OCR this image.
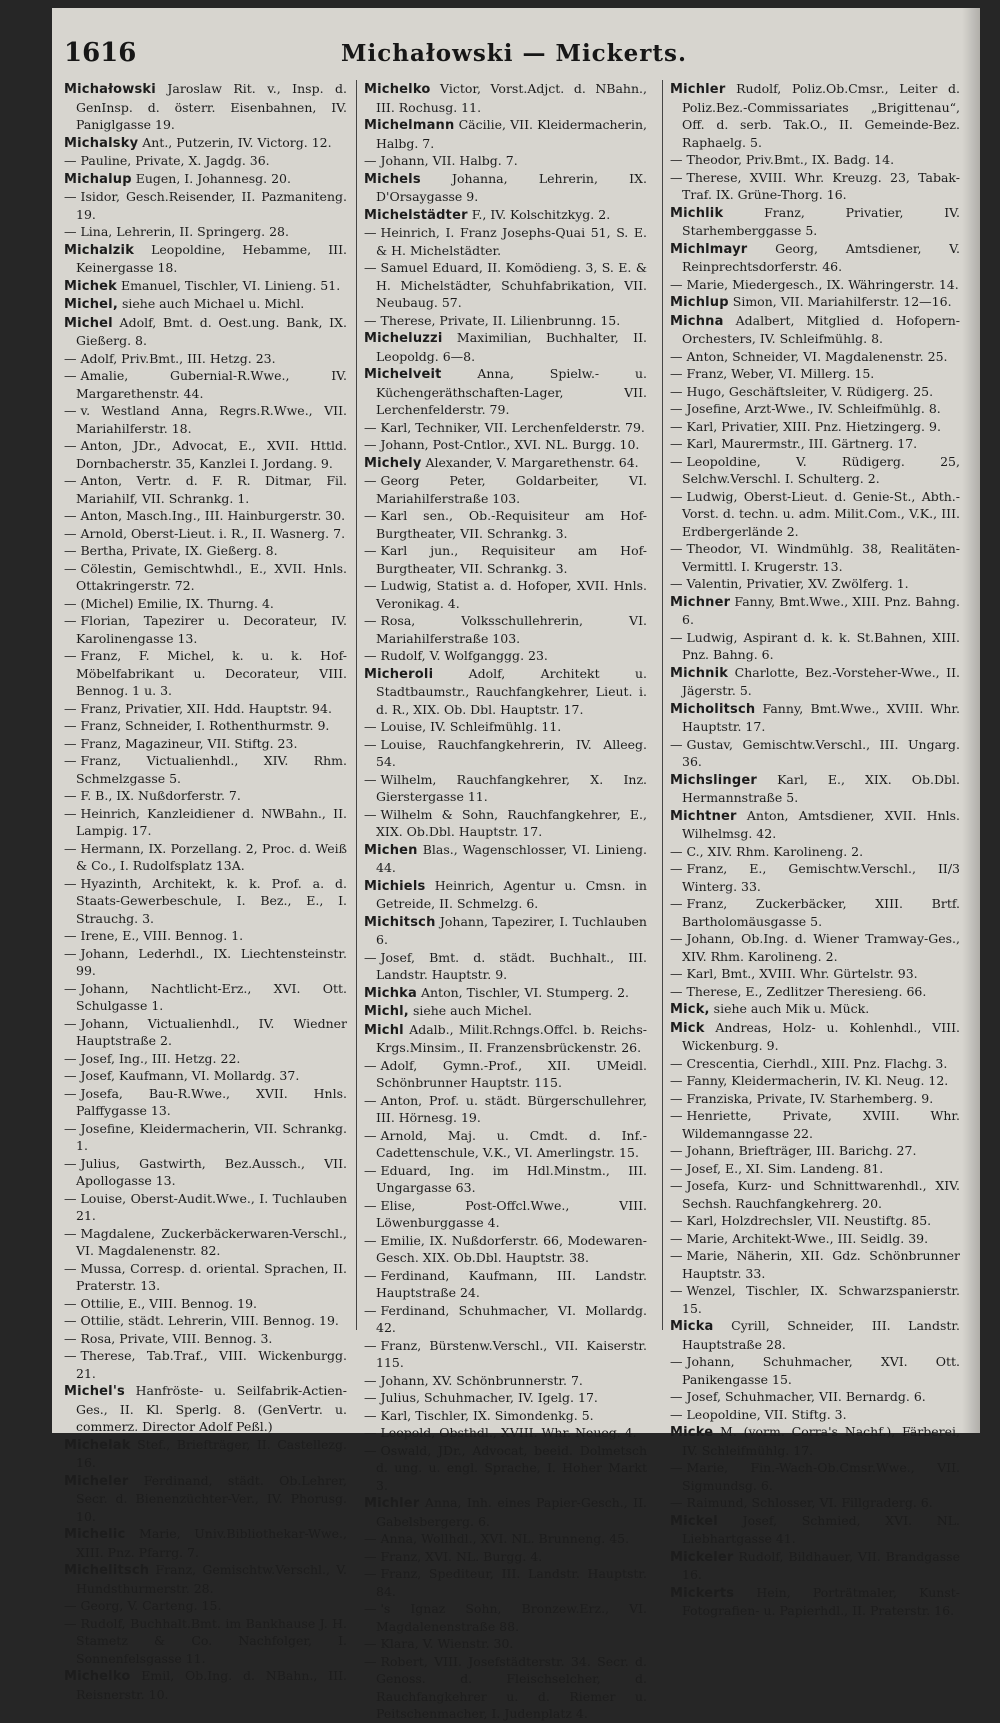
1616	Michałowski — Mickerts.

Michałowski Jaroslaw Rit. v., Insp. d. GenInsp. d. österr. Eisenbahnen, IV. Paniglgasse 19.

Michalsky Ant., Putzerin, IV. Victorg. 12.

— Pauline, Private, X. Jagdg. 36.

Michalup Eugen, I. Johannesg. 20.

— Isidor, Gesch.Reisender, II. Pazmaniteng. 19.

— Lina, Lehrerin, II. Springerg. 28.

Michalzik Leopoldine, Hebamme, III. Keinergasse 18.

Michek Emanuel, Tischler, VI. Linieng. 51.

Michel, siehe auch Michael u. Michl.

Michel Adolf, Bmt. d. Oest.ung. Bank, IX. Gießerg. 8.

— Adolf, Priv.Bmt., III. Hetzg. 23.

— Amalie, Gubernial-R.Wwe., IV. Margarethenstr. 44.

— v. Westland Anna, Regrs.R.Wwe., VII. Mariahilferstr. 18.

— Anton, JDr., Advocat, E., XVII. Httld. Dornbacherstr. 35, Kanzlei I. Jordang. 9.

— Anton, Vertr. d. F. R. Ditmar, Fil. Mariahilf, VII. Schrankg. 1.

— Anton, Masch.Ing., III. Hainburgerstr. 30.

— Arnold, Oberst-Lieut. i. R., II. Wasnerg. 7.

— Bertha, Private, IX. Gießerg. 8.

— Cölestin, Gemischtwhdl., E., XVII. Hnls. Ottakringerstr. 72.

— (Michel) Emilie, IX. Thurng. 4.

— Florian, Tapezirer u. Decorateur, IV. Karolinengasse 13.

— Franz, F. Michel, k. u. k. Hof-Möbelfabrikant u. Decorateur, VIII. Bennog. 1 u. 3.

— Franz, Privatier, XII. Hdd. Hauptstr. 94.

— Franz, Schneider, I. Rothenthurmstr. 9.

— Franz, Magazineur, VII. Stiftg. 23.

— Franz, Victualienhdl., XIV. Rhm. Schmelzgasse 5.

— F. B., IX. Nußdorferstr. 7.

— Heinrich, Kanzleidiener d. NWBahn., II. Lampig. 17.

— Hermann, IX. Porzellang. 2, Proc. d. Weiß & Co., I. Rudolfsplatz 13A.

— Hyazinth, Architekt, k. k. Prof. a. d. Staats-Gewerbeschule, I. Bez., E., I. Strauchg. 3.

— Irene, E., VIII. Bennog. 1.

— Johann, Lederhdl., IX. Liechtensteinstr. 99.

— Johann, Nachtlicht-Erz., XVI. Ott. Schulgasse 1.

— Johann, Victualienhdl., IV. Wiedner Hauptstraße 2.

— Josef, Ing., III. Hetzg. 22.

— Josef, Kaufmann, VI. Mollardg. 37.

— Josefa, Bau-R.Wwe., XVII. Hnls. Palffygasse 13.

— Josefine, Kleidermacherin, VII. Schrankg. 1.

— Julius, Gastwirth, Bez.Aussch., VII. Apollogasse 13.

— Louise, Oberst-Audit.Wwe., I. Tuchlauben 21.

— Magdalene, Zuckerbäckerwaren-Verschl., VI. Magdalenenstr. 82.

— Mussa, Corresp. d. oriental. Sprachen, II. Praterstr. 13.

— Ottilie, E., VIII. Bennog. 19.

— Ottilie, städt. Lehrerin, VIII. Bennog. 19.

— Rosa, Private, VIII. Bennog. 3.

— Therese, Tab.Traf., VIII. Wickenburgg. 21.

Michel's Hanfröste- u. Seilfabrik-Actien-Ges., II. Kl. Sperlg. 8. (GenVertr. u. commerz. Director Adolf Peßl.)

Michelak Stef., Briefträger, II. Castellezg. 16.

Micheler Ferdinand, städt. Ob.Lehrer, Secr. d. Bienenzüchter-Ver., IV. Phorusg. 10.

Michelic Marie, Univ.Bibliothekar-Wwe., XIII. Pnz. Pfarrg. 7.

Michelitsch Franz, Gemischtw.Verschl., V. Hundsthurmerstr. 28.

— Georg, V. Carteng. 15.

— Rudolf, Buchhalt.Bmt. im Bankhause J. H. Stametz & Co. Nachfolger, I. Sonnenfelsgasse 11.

Michelko Emil, Ob.Ing. d. NBahn., III. Reisnerstr. 10.

Michelko Victor, Vorst.Adjct. d. NBahn., III. Rochusg. 11.

Michelmann Cäcilie, VII. Kleidermacherin, Halbg. 7.

— Johann, VII. Halbg. 7.

Michels	Johanna, Lehrerin, IX. D'Orsaygasse 9.

Michelstädter F., IV. Kolschitzkyg. 2.

— Heinrich, I. Franz Josephs-Quai 51, S. E. & H. Michelstädter.

— Samuel Eduard, II. Komödieng. 3, S. E. & H. Michelstädter, Schuhfabrikation, VII. Neubaug. 57.

— Therese, Private, II. Lilienbrunng. 15.

Micheluzzi Maximilian, Buchhalter, II. Leopoldg. 6—8.

Michelveit	Anna, Spielw.- u. Küchengeräthschaften-Lager, VII. Lerchenfelderstr. 79.

— Karl, Techniker, VII. Lerchenfelderstr. 79.

— Johann, Post-Cntlor., XVI. NL. Burgg. 10.

Michely Alexander, V. Margarethenstr. 64.

— Georg Peter, Goldarbeiter, VI. Mariahilferstraße 103.

— Karl sen., Ob.-Requisiteur am Hof-Burgtheater, VII. Schrankg. 3.

— Karl jun., Requisiteur am Hof-Burgtheater, VII. Schrankg. 3.

— Ludwig, Statist a. d. Hofoper, XVII. Hnls. Veronikag. 4.

— Rosa, Volksschullehrerin, VI. Mariahilferstraße 103.

— Rudolf, V. Wolfganggg. 23.

Micheroli	Adolf, Architekt u. Stadtbaumstr., Rauchfangkehrer, Lieut. i. d. R., XIX. Ob. Dbl. Hauptstr. 17.

— Louise, IV. Schleifmühlg. 11.

— Louise, Rauchfangkehrerin, IV. Alleeg. 54.

— Wilhelm, Rauchfangkehrer, X. Inz. Gierstergasse 11.

— Wilhelm & Sohn, Rauchfangkehrer, E., XIX. Ob.Dbl. Hauptstr. 17.

Michen Blas., Wagenschlosser, VI. Linieng. 44.

Michiels Heinrich, Agentur u. Cmsn. in Getreide, II. Schmelzg. 6.

Michitsch Johann, Tapezirer, I. Tuchlauben 6.

— Josef, Bmt. d. städt. Buchhalt., III. Landstr. Hauptstr. 9.

Michka Anton, Tischler, VI. Stumperg. 2.

Michl, siehe auch Michel.

Michl Adalb., Milit.Rchngs.Offcl. b. Reichs-Krgs.Minsim., II. Franzensbrückenstr. 26.

— Adolf, Gymn.-Prof., XII. UMeidl. Schönbrunner Hauptstr. 115.

— Anton, Prof. u. städt. Bürgerschullehrer, III. Hörnesg. 19.

— Arnold, Maj. u. Cmdt. d. Inf.-Cadettenschule, V.K., VI. Amerlingstr. 15.

— Eduard, Ing. im Hdl.Minstm., III. Ungargasse 63.

— Elise, Post-Offcl.Wwe., VIII. Löwenburggasse 4.

— Emilie, IX. Nußdorferstr. 66, Modewaren-Gesch. XIX. Ob.Dbl. Hauptstr. 38.

— Ferdinand, Kaufmann, III. Landstr. Hauptstraße 24.

— Ferdinand, Schuhmacher, VI. Mollardg. 42.

— Franz, Bürstenw.Verschl., VII. Kaiserstr. 115.

— Johann, XV. Schönbrunnerstr. 7.

— Julius, Schuhmacher, IV. Igelg. 17.

— Karl, Tischler, IX. Simondenkg. 5.

— Leopold, Obsthdl., XVIII. Whr. Neueg. 4.

— Oswald, JDr., Advocat, beeid. Dolmetsch d. ung. u. engl. Sprache, I. Hoher Markt 3.

Michler Anna, Inh. eines Papier-Gesch., II. Gabelsbergerg. 6.

— Anna, Wollhdl., XVI. NL. Brunneng. 45.

— Franz, XVI. NL. Burgg. 4.

— Franz, Spediteur, III. Landstr. Hauptstr. 84.

— 's Ignaz Sohn, Bronzew.Erz., VI. Magdalenenstraße 88.

— Klara, V. Wienstr. 30.

— Robert, VIII. Josefstädterstr. 34. Secr. d. Genoss. d. Fleischselcher, d. Rauchfangkehrer u. d. Riemer u. Peitschenmacher, I. Judenplatz 4.

Michler Rudolf, Poliz.Ob.Cmsr., Leiter d. Poliz.Bez.-Commissariates „Brigittenau“, Off. d. serb. Tak.O., II. Gemeinde-Bez. Raphaelg. 5.

— Theodor, Priv.Bmt., IX. Badg. 14.

— Therese, XVIII. Whr. Kreuzg. 23, Tabak-Traf. IX. Grüne-Thorg. 16.

Michlik	Franz, Privatier, IV. Starhemberggasse 5.

Michlmayr Georg, Amtsdiener, V. Reinprechtsdorferstr. 46.

— Marie, Miedergesch., IX. Währingerstr. 14.

Michlup Simon, VII. Mariahilferstr. 12—16.

Michna Adalbert, Mitglied d. Hofopern-Orchesters, IV. Schleifmühlg. 8.

— Anton, Schneider, VI. Magdalenenstr. 25.

— Franz, Weber, VI. Millerg. 15.

— Hugo, Geschäftsleiter, V. Rüdigerg. 25.

— Josefine, Arzt-Wwe., IV. Schleifmühlg. 8.

— Karl, Privatier, XIII. Pnz. Hietzingerg. 9.

— Karl, Maurermstr., III. Gärtnerg. 17.

— Leopoldine, V. Rüdigerg. 25, Selchw.Verschl. I. Schulterg. 2.

— Ludwig, Oberst-Lieut. d. Genie-St., Abth.-Vorst. d. techn. u. adm. Milit.Com., V.K., III. Erdbergerlände 2.

— Theodor, VI. Windmühlg. 38, Realitäten-Vermittl. I. Krugerstr. 13.

— Valentin, Privatier, XV. Zwölferg. 1.

Michner Fanny, Bmt.Wwe., XIII. Pnz. Bahng. 6.

— Ludwig, Aspirant d. k. k. St.Bahnen, XIII. Pnz. Bahng. 6.

Michnik Charlotte, Bez.-Vorsteher-Wwe., II. Jägerstr. 5.

Micholitsch Fanny, Bmt.Wwe., XVIII. Whr. Hauptstr. 17.

— Gustav, Gemischtw.Verschl., III. Ungarg. 36.

Michslinger Karl, E., XIX. Ob.Dbl. Hermannstraße 5.

Michtner Anton, Amtsdiener, XVII. Hnls. Wilhelmsg. 42.

— C., XIV. Rhm. Karolineng. 2.

— Franz, E., Gemischtw.Verschl., II/3 Winterg. 33.

— Franz, Zuckerbäcker, XIII. Brtf. Bartholomäusgasse 5.

— Johann, Ob.Ing. d. Wiener Tramway-Ges., XIV. Rhm. Karolineng. 2.

— Karl, Bmt., XVIII. Whr. Gürtelstr. 93.

— Therese, E., Zedlitzer Theresieng. 66.

Mick, siehe auch Mik u. Mück.

Mick Andreas, Holz- u. Kohlenhdl., VIII. Wickenburg. 9.

— Crescentia, Cierhdl., XIII. Pnz. Flachg. 3.

— Fanny, Kleidermacherin, IV. Kl. Neug. 12.

— Franziska, Private, IV. Starhemberg. 9.

— Henriette, Private, XVIII. Whr. Wildemanngasse 22.

— Johann, Briefträger, III. Barichg. 27.

— Josef, E., XI. Sim. Landeng. 81.

— Josefa, Kurz- und Schnittwarenhdl., XIV. Sechsh. Rauchfangkehrerg. 20.

— Karl, Holzdrechsler, VII. Neustiftg. 85.

— Marie, Architekt-Wwe., III. Seidlg. 39.

— Marie, Näherin, XII. Gdz. Schönbrunner Hauptstr. 33.

— Wenzel, Tischler, IX. Schwarzspanierstr. 15.

Micka Cyrill, Schneider, III. Landstr. Hauptstraße 28.

— Johann, Schuhmacher, XVI. Ott. Panikengasse 15.

— Josef, Schuhmacher, VII. Bernardg. 6.

— Leopoldine, VII. Stiftg. 3.

Micke M. (vorm. Corra's Nachf.), Färberei, IV. Schleifmühlg. 17.

— Marie, Fin.-Wach-Ob.Cmsr.Wwe., VII. Sigmundsg. 6.

— Raimund, Schlosser, VI. Fillgraderg. 6.

Mickel Josef, Schmied, XVI. NL. Liebhartgasse 41.

Mickeler Rudolf, Bildhauer, VII. Brandgasse 16.

Mickerts Hein, Porträtmaler, Kunst-Fotografien- u. Papierhdl., II. Praterstr. 16.
